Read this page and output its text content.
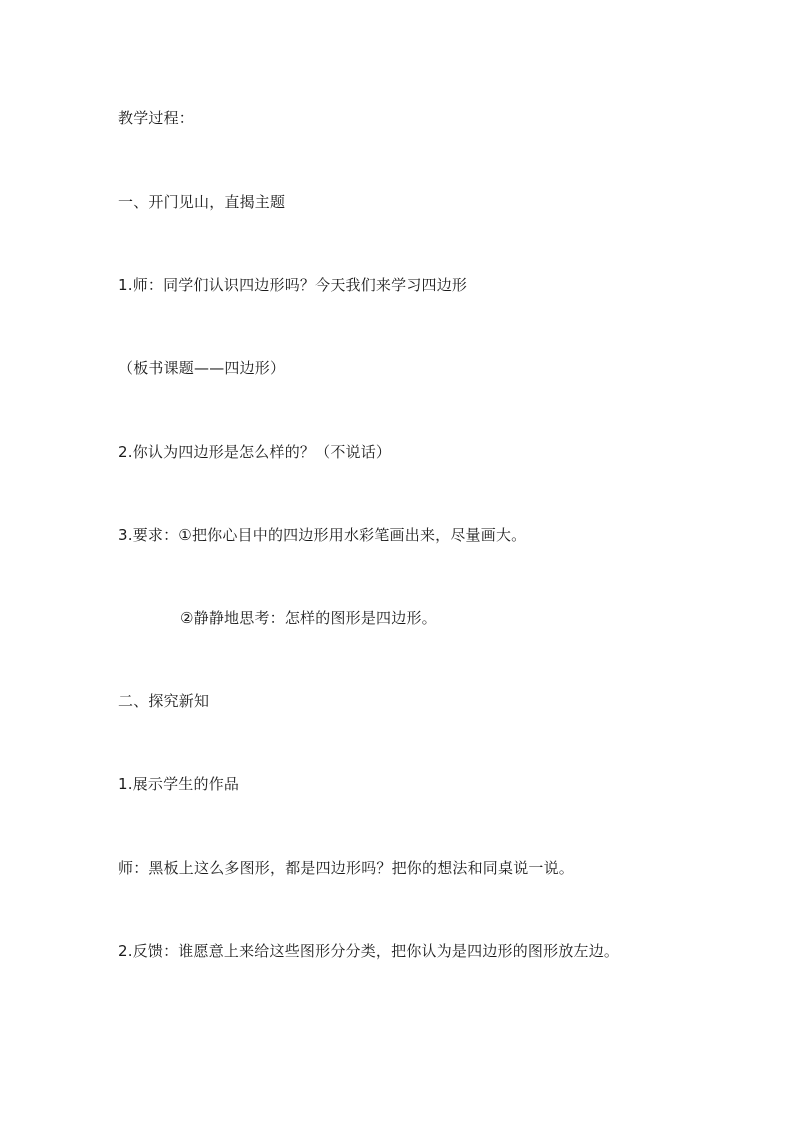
教学过程：
一、开门见山，直揭主题
1.师：同学们认识四边形吗？今天我们来学习四边形
（板书课题——四边形）
2.你认为四边形是怎么样的？（不说话）
3.要求：①把你心目中的四边形用水彩笔画出来，尽量画大。
②静静地思考：怎样的图形是四边形。
二、探究新知
1.展示学生的作品
师：黑板上这么多图形，都是四边形吗？把你的想法和同桌说一说。
2.反馈：谁愿意上来给这些图形分分类，把你认为是四边形的图形放左边。
